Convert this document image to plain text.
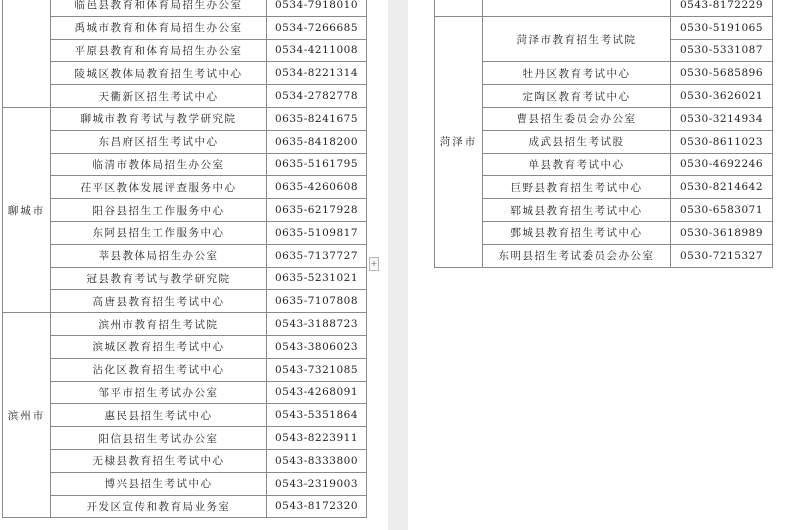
	临邑县教育和体育局招生办公室	0534-7918010
	禹城市教育和体育局招生办公室	0534-7266685
	平原县教育和体育局招生办公室	0534-4211008
	陵城区教体局教育招生考试中心	0534-8221314
	天衢新区招生考试中心	0534-2782778
聊城市	聊城市教育考试与教学研究院	0635-8241675
	东昌府区招生考试中心	0635-8418200
	临清市教体局招生办公室	0635-5161795
	茌平区教体发展评查服务中心	0635-4260608
	阳谷县招生工作服务中心	0635-6217928
	东阿县招生工作服务中心	0635-5109817
	莘县教体局招生办公室	0635-7137727
	冠县教育考试与教学研究院	0635-5231021
	高唐县教育招生考试中心	0635-7107808
滨州市	滨州市教育招生考试院	0543-3188723
	滨城区教育招生考试中心	0543-3806023
	沾化区教育招生考试中心	0543-7321085
	邹平市招生考试办公室	0543-4268091
	惠民县招生考试中心	0543-5351864
	阳信县招生考试办公室	0543-8223911
	无棣县教育招生考试中心	0543-8333800
	博兴县招生考试中心	0543-2319003
	开发区宣传和教育局业务室	0543-8172320
+
		0543-8172229
菏泽市	菏泽市教育招生考试院	0530-5191065
		0530-5331087
	牡丹区教育考试中心	0530-5685896
	定陶区教育考试中心	0530-3626021
	曹县招生委员会办公室	0530-3214934
	成武县招生考试股	0530-8611023
	单县教育考试中心	0530-4692246
	巨野县教育招生考试中心	0530-8214642
	郓城县教育招生考试中心	0530-6583071
	鄄城县教育招生考试中心	0530-3618989
	东明县招生考试委员会办公室	0530-7215327
